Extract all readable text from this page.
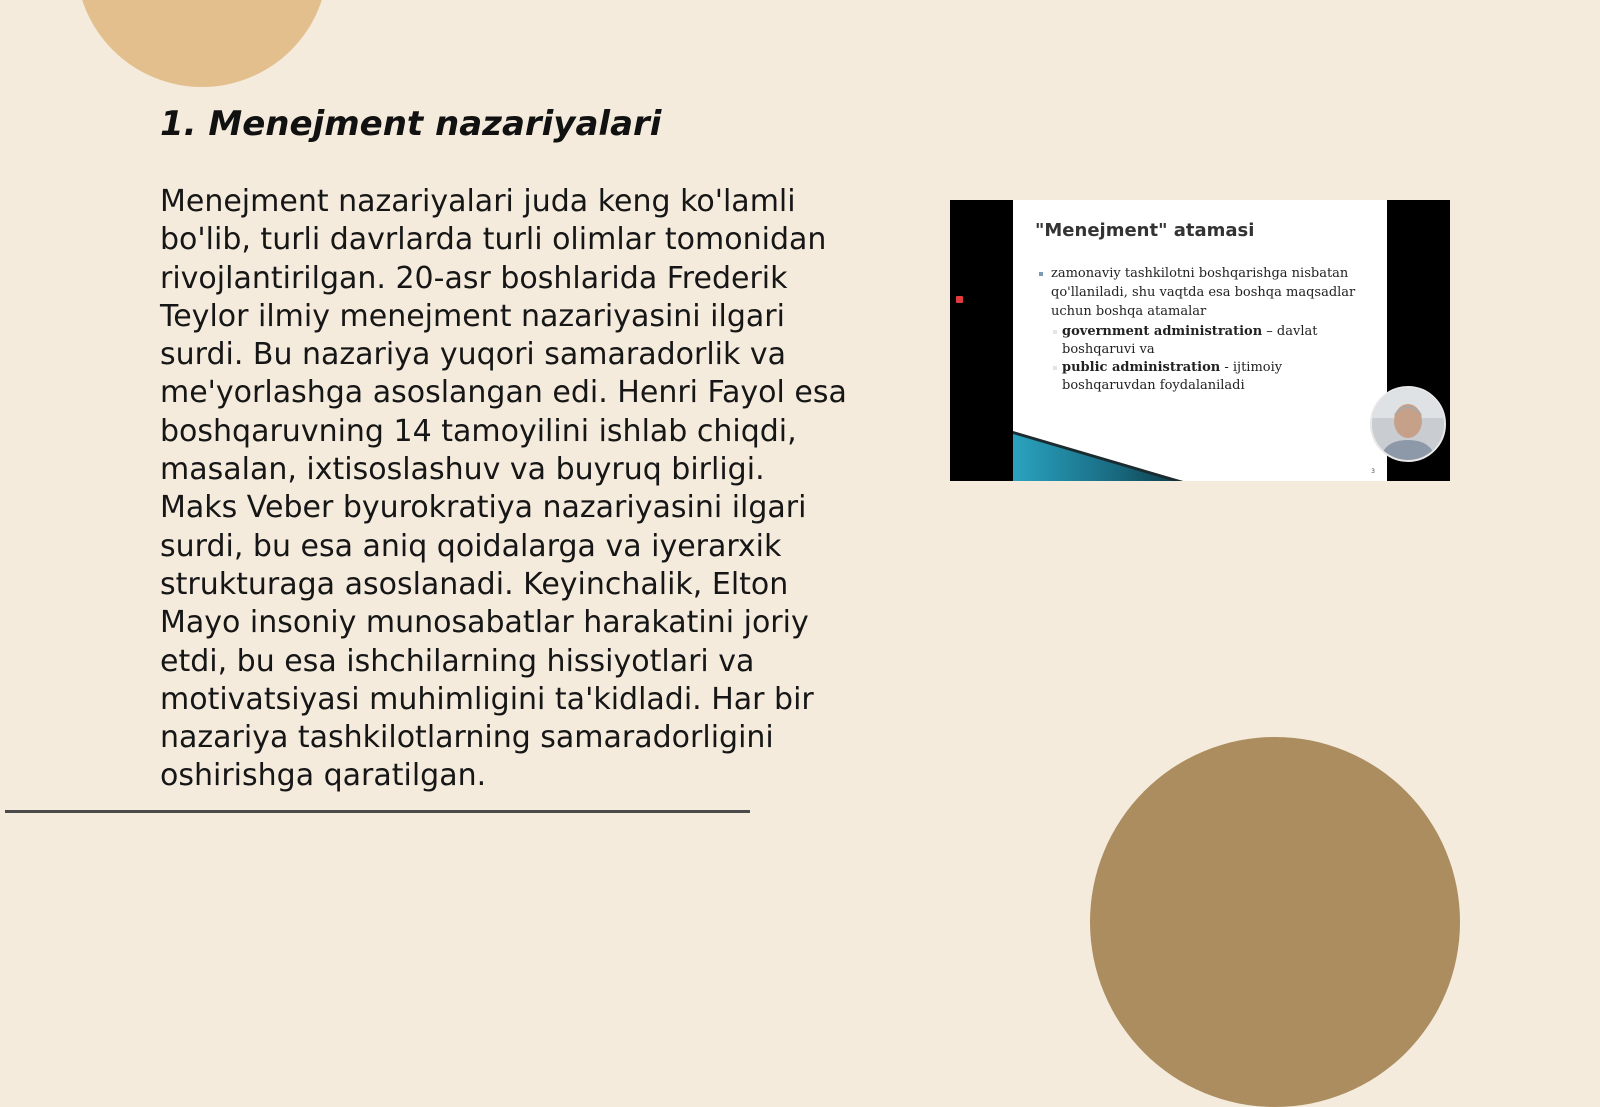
1. Menejment nazariyalari

Menejment nazariyalari juda keng ko'lamli bo'lib, turli davrlarda turli olimlar tomonidan rivojlantirilgan. 20-asr boshlarida Frederik Teylor ilmiy menejment nazariyasini ilgari surdi. Bu nazariya yuqori samaradorlik va me'yorlashga asoslangan edi. Henri Fayol esa boshqaruvning 14 tamoyilini ishlab chiqdi, masalan, ixtisoslashuv va buyruq birligi. Maks Veber byurokratiya nazariyasini ilgari surdi, bu esa aniq qoidalarga va iyerarxik strukturaga asoslanadi. Keyinchalik, Elton Mayo insoniy munosabatlar harakatini joriy etdi, bu esa ishchilarning hissiyotlari va motivatsiyasi muhimligini ta'kidladi. Har bir nazariya tashkilotlarning samaradorligini oshirishga qaratilgan.

"Menejment" atamasi
zamonaviy tashkilotni boshqarishga nisbatan qo'llaniladi, shu vaqtda esa boshqa maqsadlar uchun boshqa atamalar
government administration – davlat boshqaruvi va
public administration - ijtimoiy boshqaruvdan foydalaniladi
3
